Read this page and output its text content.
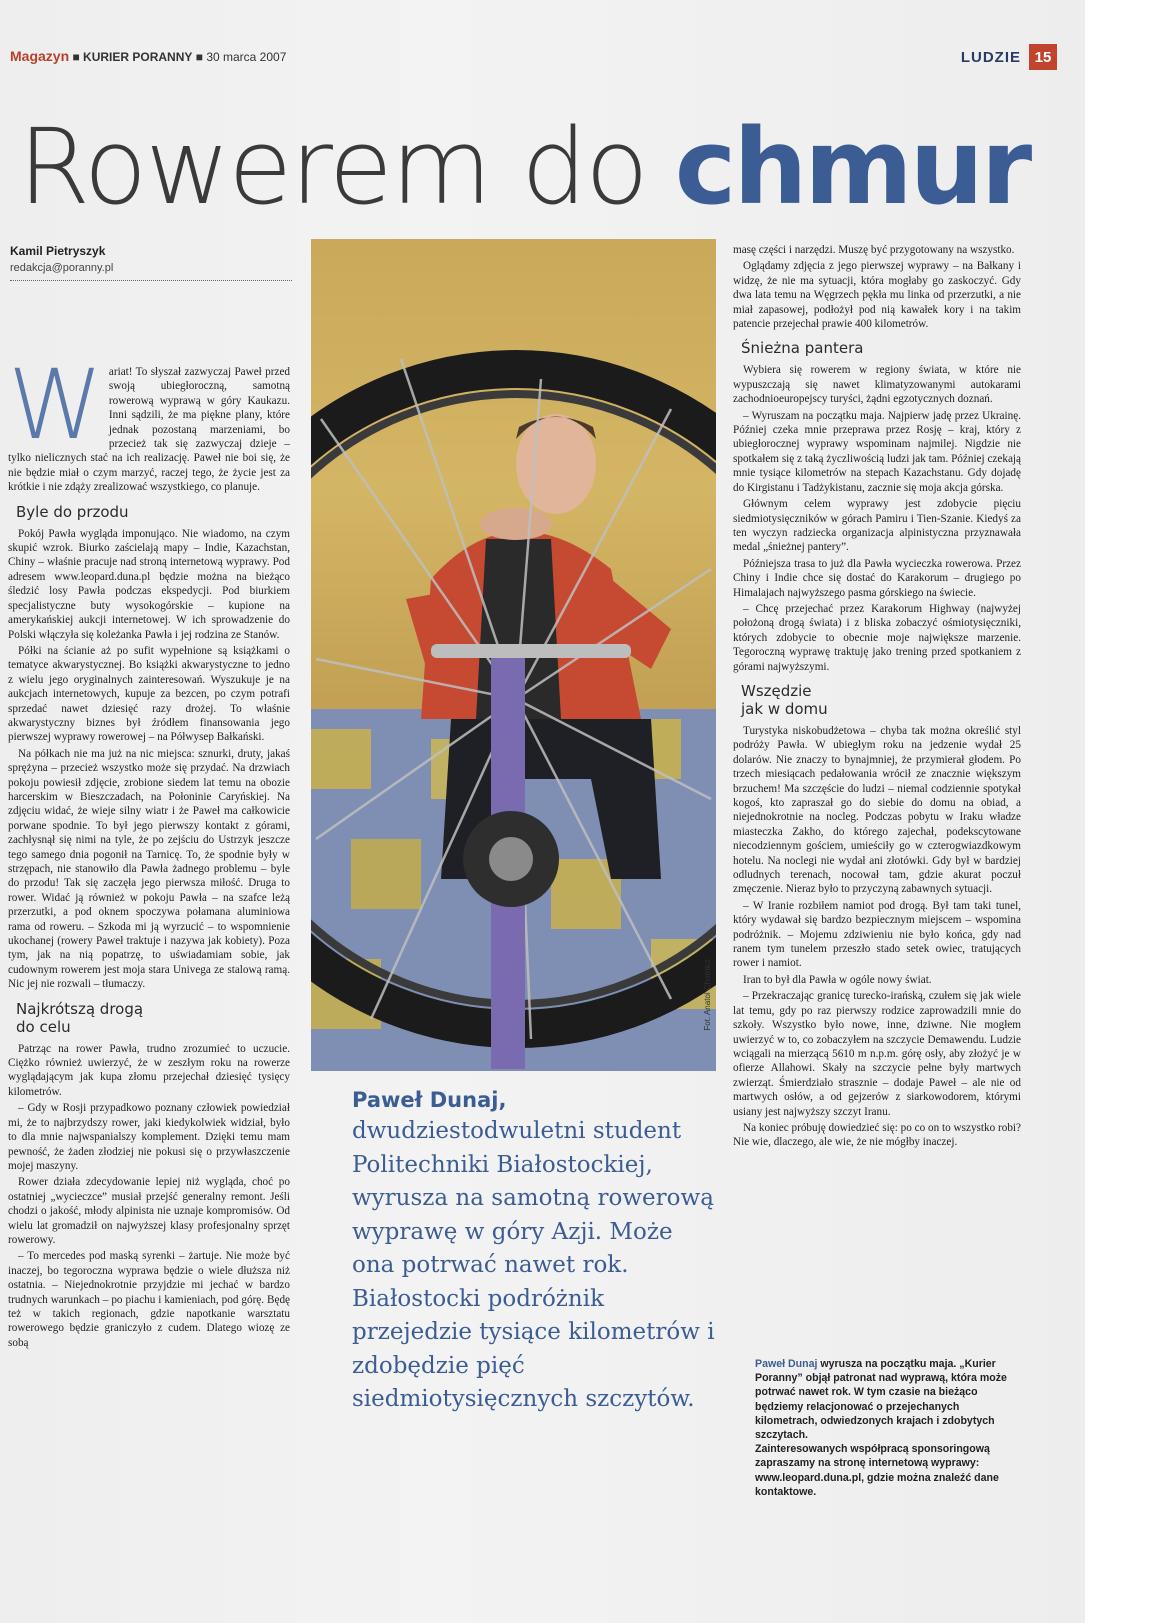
Magazyn ■ KURIER PORANNY ■ 30 marca 2007	LUDZIE 15
Rowerem do chmur
Kamil Pietryszyk
redakcja@poranny.pl
W ariat! To słyszał zazwyczaj Paweł przed swoją ubiegłoroczną, samotną rowerową wyprawą w góry Kaukazu. Inni sądzili, że ma piękne plany, które jednak pozostaną marzeniami, bo przecież tak się zazwyczaj dzieje – tylko nielicznych stać na ich realizację. Paweł nie boi się, że nie będzie miał o czym marzyć, raczej tego, że życie jest za krótkie i nie zdąży zrealizować wszystkiego, co planuje.

Byle do przodu

Pokój Pawła wygląda imponująco. Nie wiadomo, na czym skupić wzrok. Biurko zaścielają mapy – Indie, Kazachstan, Chiny – właśnie pracuje nad stroną internetową wyprawy. Pod adresem www.leopard.duna.pl będzie można na bieżąco śledzić losy Pawła podczas ekspedycji. Pod biurkiem specjalistyczne buty wysokogórskie – kupione na amerykańskiej aukcji internetowej. W ich sprowadzenie do Polski włączyła się koleżanka Pawła i jej rodzina ze Stanów.

Półki na ścianie aż po sufit wypełnione są książkami o tematyce akwarystycznej. Bo książki akwarystyczne to jedno z wielu jego oryginalnych zainteresowań. Wyszukuje je na aukcjach internetowych, kupuje za bezcen, po czym potrafi sprzedać nawet dziesięć razy drożej. To właśnie akwarystyczny biznes był źródłem finansowania jego pierwszej wyprawy rowerowej – na Półwysep Bałkański.

Na półkach nie ma już na nic miejsca: sznurki, druty, jakaś sprężyna – przecież wszystko może się przydać. Na drzwiach pokoju powiesił zdjęcie, zrobione siedem lat temu na obozie harcerskim w Bieszczadach, na Połoninie Caryńskiej. Na zdjęciu widać, że wieje silny wiatr i że Paweł ma całkowicie porwane spodnie. To był jego pierwszy kontakt z górami, zachłysnął się nimi na tyle, że po zejściu do Ustrzyk jeszcze tego samego dnia pogonił na Tarnicę. To, że spodnie były w strzępach, nie stanowiło dla Pawła żadnego problemu – byle do przodu! Tak się zaczęła jego pierwsza miłość. Druga to rower. Widać ją również w pokoju Pawła – na szafce leżą przerzutki, a pod oknem spoczywa połamana aluminiowa rama od roweru. – Szkoda mi ją wyrzucić – to wspomnienie ukochanej (rowery Paweł traktuje i nazywa jak kobiety). Poza tym, jak na nią popatrzę, to uświadamiam sobie, jak cudownym rowerem jest moja stara Univega ze stalową ramą. Nic jej nie rozwali – tłumaczy.

Najkrótszą drogą
do celu

Patrząc na rower Pawła, trudno zrozumieć to uczucie. Ciężko również uwierzyć, że w zeszłym roku na rowerze wyglądającym jak kupa złomu przejechał dziesięć tysięcy kilometrów.

– Gdy w Rosji przypadkowo poznany człowiek powiedział mi, że to najbrzydszy rower, jaki kiedykolwiek widział, było to dla mnie najwspanialszy komplement. Dzięki temu mam pewność, że żaden złodziej nie pokusi się o przywłaszczenie mojej maszyny.

Rower działa zdecydowanie lepiej niż wygląda, choć po ostatniej „wycieczce” musiał przejść generalny remont. Jeśli chodzi o jakość, młody alpinista nie uznaje kompromisów. Od wielu lat gromadził on najwyższej klasy profesjonalny sprzęt rowerowy.

– To mercedes pod maską syrenki – żartuje. Nie może być inaczej, bo tegoroczna wyprawa będzie o wiele dłuższa niż ostatnia. – Niejednokrotnie przyjdzie mi jechać w bardzo trudnych warunkach – po piachu i kamieniach, pod górę. Będę też w takich regionach, gdzie napotkanie warsztatu rowerowego będzie graniczyło z cudem. Dlatego wiozę ze sobą

Fot. Anatol Chomicz

Paweł Dunaj,

dwudziestodwuletni student Politechniki Białostockiej, wyrusza na samotną rowerową wyprawę w góry Azji. Może ona potrwać nawet rok. Białostocki podróżnik przejedzie tysiące kilometrów i zdobędzie pięć siedmiotysięcznych szczytów.

masę części i narzędzi. Muszę być przygotowany na wszystko.

Oglądamy zdjęcia z jego pierwszej wyprawy – na Bałkany i widzę, że nie ma sytuacji, która mogłaby go zaskoczyć. Gdy dwa lata temu na Węgrzech pękła mu linka od przerzutki, a nie miał zapasowej, podłożył pod nią kawałek kory i na takim patencie przejechał prawie 400 kilometrów.

Śnieżna pantera

Wybiera się rowerem w regiony świata, w które nie wypuszczają się nawet klimatyzowanymi autokarami zachodnioeuropejscy turyści, żądni egzotycznych doznań.

– Wyruszam na początku maja. Najpierw jadę przez Ukrainę. Później czeka mnie przeprawa przez Rosję – kraj, który z ubiegłorocznej wyprawy wspominam najmilej. Nigdzie nie spotkałem się z taką życzliwością ludzi jak tam. Później czekają mnie tysiące kilometrów na stepach Kazachstanu. Gdy dojadę do Kirgistanu i Tadżykistanu, zacznie się moja akcja górska.

Głównym celem wyprawy jest zdobycie pięciu siedmiotysięczników w górach Pamiru i Tien-Szanie. Kiedyś za ten wyczyn radziecka organizacja alpinistyczna przyznawała medal „śnieżnej pantery”.

Późniejsza trasa to już dla Pawła wycieczka rowerowa. Przez Chiny i Indie chce się dostać do Karakorum – drugiego po Himalajach najwyższego pasma górskiego na świecie.

– Chcę przejechać przez Karakorum Highway (najwyżej położoną drogą świata) i z bliska zobaczyć ośmiotysięczniki, których zdobycie to obecnie moje największe marzenie. Tegoroczną wyprawę traktuję jako trening przed spotkaniem z górami najwyższymi.

Wszędzie
jak w domu

Turystyka niskobudżetowa – chyba tak można określić styl podróży Pawła. W ubiegłym roku na jedzenie wydał 25 dolarów. Nie znaczy to bynajmniej, że przymierał głodem. Po trzech miesiącach pedałowania wrócił ze znacznie większym brzuchem! Ma szczęście do ludzi – niemal codziennie spotykał kogoś, kto zapraszał go do siebie do domu na obiad, a niejednokrotnie na nocleg. Podczas pobytu w Iraku władze miasteczka Zakho, do którego zajechał, podekscytowane niecodziennym gościem, umieściły go w czterogwiazdkowym hotelu. Na noclegi nie wydał ani złotówki. Gdy był w bardziej odludnych terenach, nocował tam, gdzie akurat poczuł zmęczenie. Nieraz było to przyczyną zabawnych sytuacji.

– W Iranie rozbiłem namiot pod drogą. Był tam taki tunel, który wydawał się bardzo bezpiecznym miejscem – wspomina podróżnik. – Mojemu zdziwieniu nie było końca, gdy nad ranem tym tunelem przeszło stado setek owiec, tratujących rower i namiot.

Iran to był dla Pawła w ogóle nowy świat.

– Przekraczając granicę turecko-irańską, czułem się jak wiele lat temu, gdy po raz pierwszy rodzice zaprowadzili mnie do szkoły. Wszystko było nowe, inne, dziwne. Nie mogłem uwierzyć w to, co zobaczyłem na szczycie Demawendu. Ludzie wciągali na mierzącą 5610 m n.p.m. górę osły, aby złożyć je w ofierze Allahowi. Skały na szczycie pełne były martwych zwierząt. Śmierdziało strasznie – dodaje Paweł – ale nie od martwych osłów, a od gejzerów z siarkowodorem, którymi usiany jest najwyższy szczyt Iranu.

Na koniec próbuję dowiedzieć się: po co on to wszystko robi? Nie wie, dlaczego, ale wie, że nie mógłby inaczej.

Paweł Dunaj wyrusza na początku maja. „Kurier Poranny” objął patronat nad wyprawą, która może potrwać nawet rok. W tym czasie na bieżąco będziemy relacjonować o przejechanych kilometrach, odwiedzonych krajach i zdobytych szczytach.

Zainteresowanych współpracą sponsoringową zapraszamy na stronę internetową wyprawy: www.leopard.duna.pl, gdzie można znaleźć dane kontaktowe.
